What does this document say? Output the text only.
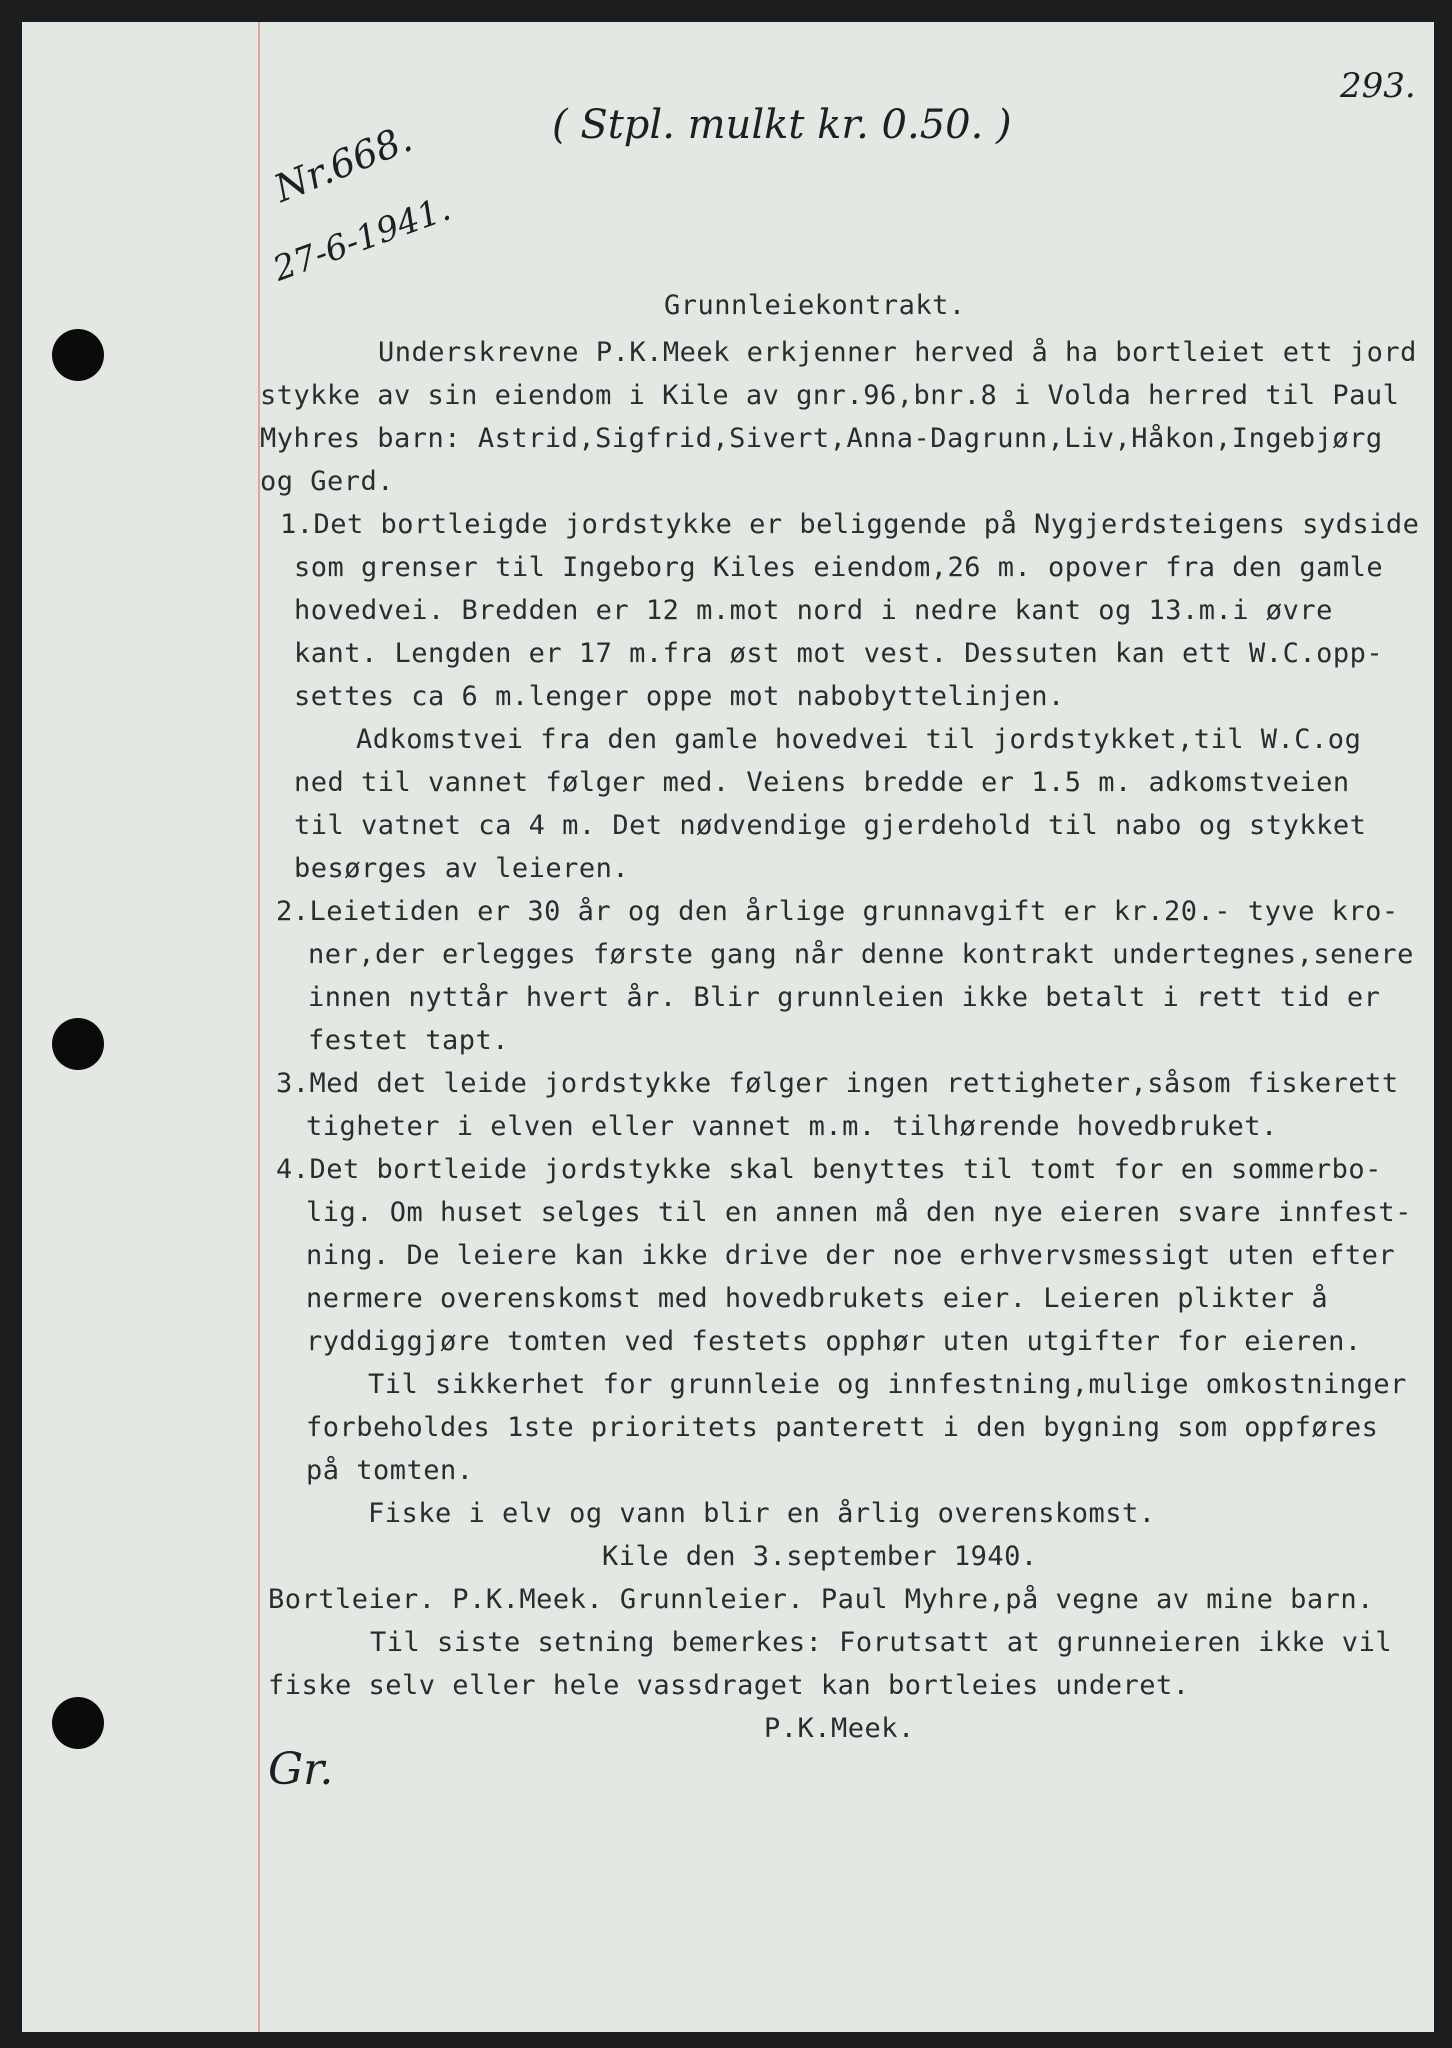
Nr.668.
27-6-1941.
( Stpl. mulkt kr. 0.50. )
293.
Grunnleiekontrakt.
Underskrevne P.K.Meek erkjenner herved å ha bortleiet ett jord
stykke av sin eiendom i Kile av gnr.96,bnr.8 i Volda herred til Paul
Myhres barn: Astrid,Sigfrid,Sivert,Anna-Dagrunn,Liv,Håkon,Ingebjørg
og Gerd.
1.Det bortleigde jordstykke er beliggende på Nygjerdsteigens sydside
som grenser til Ingeborg Kiles eiendom,26 m. opover fra den gamle
hovedvei. Bredden er 12 m.mot nord i nedre kant og 13.m.i øvre
kant. Lengden er 17 m.fra øst mot vest. Dessuten kan ett W.C.opp-
settes ca 6 m.lenger oppe mot nabobyttelinjen.
Adkomstvei fra den gamle hovedvei til jordstykket,til W.C.og
ned til vannet følger med. Veiens bredde er 1.5 m. adkomstveien
til vatnet ca 4 m. Det nødvendige gjerdehold til nabo og stykket
besørges av leieren.
2.Leietiden er 30 år og den årlige grunnavgift er kr.20.- tyve kro-
ner,der erlegges første gang når denne kontrakt undertegnes,senere
innen nyttår hvert år. Blir grunnleien ikke betalt i rett tid er
festet tapt.
3.Med det leide jordstykke følger ingen rettigheter,såsom fiskerett
tigheter i elven eller vannet m.m. tilhørende hovedbruket.
4.Det bortleide jordstykke skal benyttes til tomt for en sommerbo-
lig. Om huset selges til en annen må den nye eieren svare innfest-
ning. De leiere kan ikke drive der noe erhvervsmessigt uten efter
nermere overenskomst med hovedbrukets eier. Leieren plikter å
ryddiggjøre tomten ved festets opphør uten utgifter for eieren.
Til sikkerhet for grunnleie og innfestning,mulige omkostninger
forbeholdes 1ste prioritets panterett i den bygning som oppføres
på tomten.
Fiske i elv og vann blir en årlig overenskomst.
Kile den 3.september 1940.
Bortleier. P.K.Meek. Grunnleier. Paul Myhre,på vegne av mine barn.
Til siste setning bemerkes: Forutsatt at grunneieren ikke vil
fiske selv eller hele vassdraget kan bortleies underet.
P.K.Meek.
Gr.
